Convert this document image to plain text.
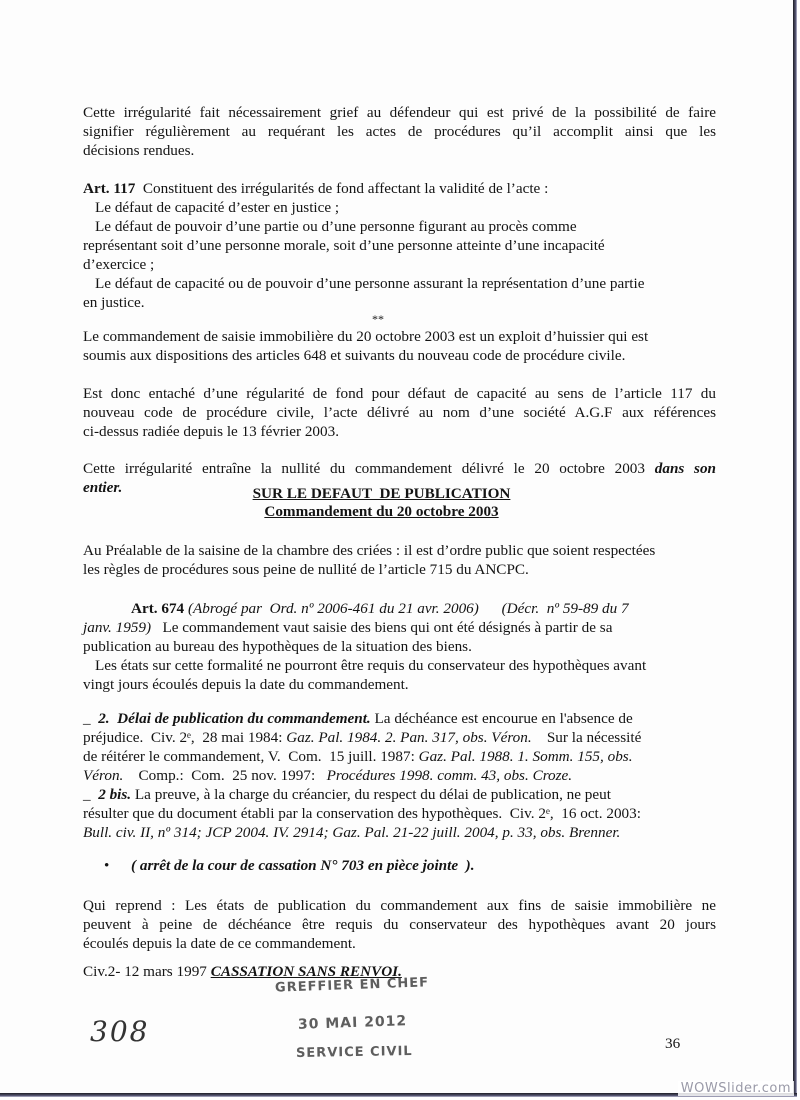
Cette irrégularité fait nécessairement grief au défendeur qui est privé de la possibilité de faire
signifier régulièrement au requérant les actes de procédures qu’il accomplit ainsi que les
décisions rendues.
Art. 117 Constituent des irrégularités de fond affectant la validité de l’acte :
Le défaut de capacité d’ester en justice ;
Le défaut de pouvoir d’une partie ou d’une personne figurant au procès comme
représentant soit d’une personne morale, soit d’une personne atteinte d’une incapacité
d’exercice ;
Le défaut de capacité ou de pouvoir d’une personne assurant la représentation d’une partie
en justice.
**
Le commandement de saisie immobilière du 20 octobre 2003 est un exploit d’huissier qui est
soumis aux dispositions des articles 648 et suivants du nouveau code de procédure civile.
Est donc entaché d’une régularité de fond pour défaut de capacité au sens de l’article 117 du
nouveau code de procédure civile, l’acte délivré au nom d’une société A.G.F aux références
ci-dessus radiée depuis le 13 février 2003.
Cette irrégularité entraîne la nullité du commandement délivré le 20 octobre 2003 dans son
entier.	SUR LE DEFAUT  DE PUBLICATION
Commandement du 20 octobre 2003
Au Préalable de la saisine de la chambre des criées : il est d’ordre public que soient respectées
les règles de procédures sous peine de nullité de l’article 715 du ANCPC.
Art. 674 (Abrogé par  Ord. nº 2006-461 du 21 avr. 2006) (Décr.  nº 59-89 du 7
janv. 1959) Le commandement vaut saisie des biens qui ont été désignés à partir de sa
publication au bureau des hypothèques de la situation des biens.
Les états sur cette formalité ne pourront être requis du conservateur des hypothèques avant
vingt jours écoulés depuis la date du commandement.
_ 2.  Délai de publication du commandement. La déchéance est encourue en l'absence de
préjudice.  Civ. 2ᵉ,  28 mai 1984: Gaz. Pal. 1984. 2. Pan. 317, obs. Véron. Sur la nécessité
de réitérer le commandement, V.  Com.  15 juill. 1987: Gaz. Pal. 1988. 1. Somm. 155, obs.
Véron. Comp.:  Com.  25 nov. 1997: Procédures 1998. comm. 43, obs. Croze.
_ 2 bis. La preuve, à la charge du créancier, du respect du délai de publication, ne peut
résulter que du document établi par la conservation des hypothèques.  Civ. 2ᵉ,  16 oct. 2003:
Bull. civ. II, nº 314; JCP 2004. IV. 2914; Gaz. Pal. 21-22 juill. 2004, p. 33, obs. Brenner.
• ( arrêt de la cour de cassation N° 703 en pièce jointe  ).
Qui reprend : Les états de publication du commandement aux fins de saisie immobilière ne
peuvent à peine de déchéance être requis du conservateur des hypothèques avant 20 jours
écoulés depuis la date de ce commandement.
Civ.2- 12 mars 1997 CASSATION SANS RENVOI.
GREFFIER EN CHEF
30 MAI 2012
SERVICE CIVIL
308	36
WOWSlider.com
